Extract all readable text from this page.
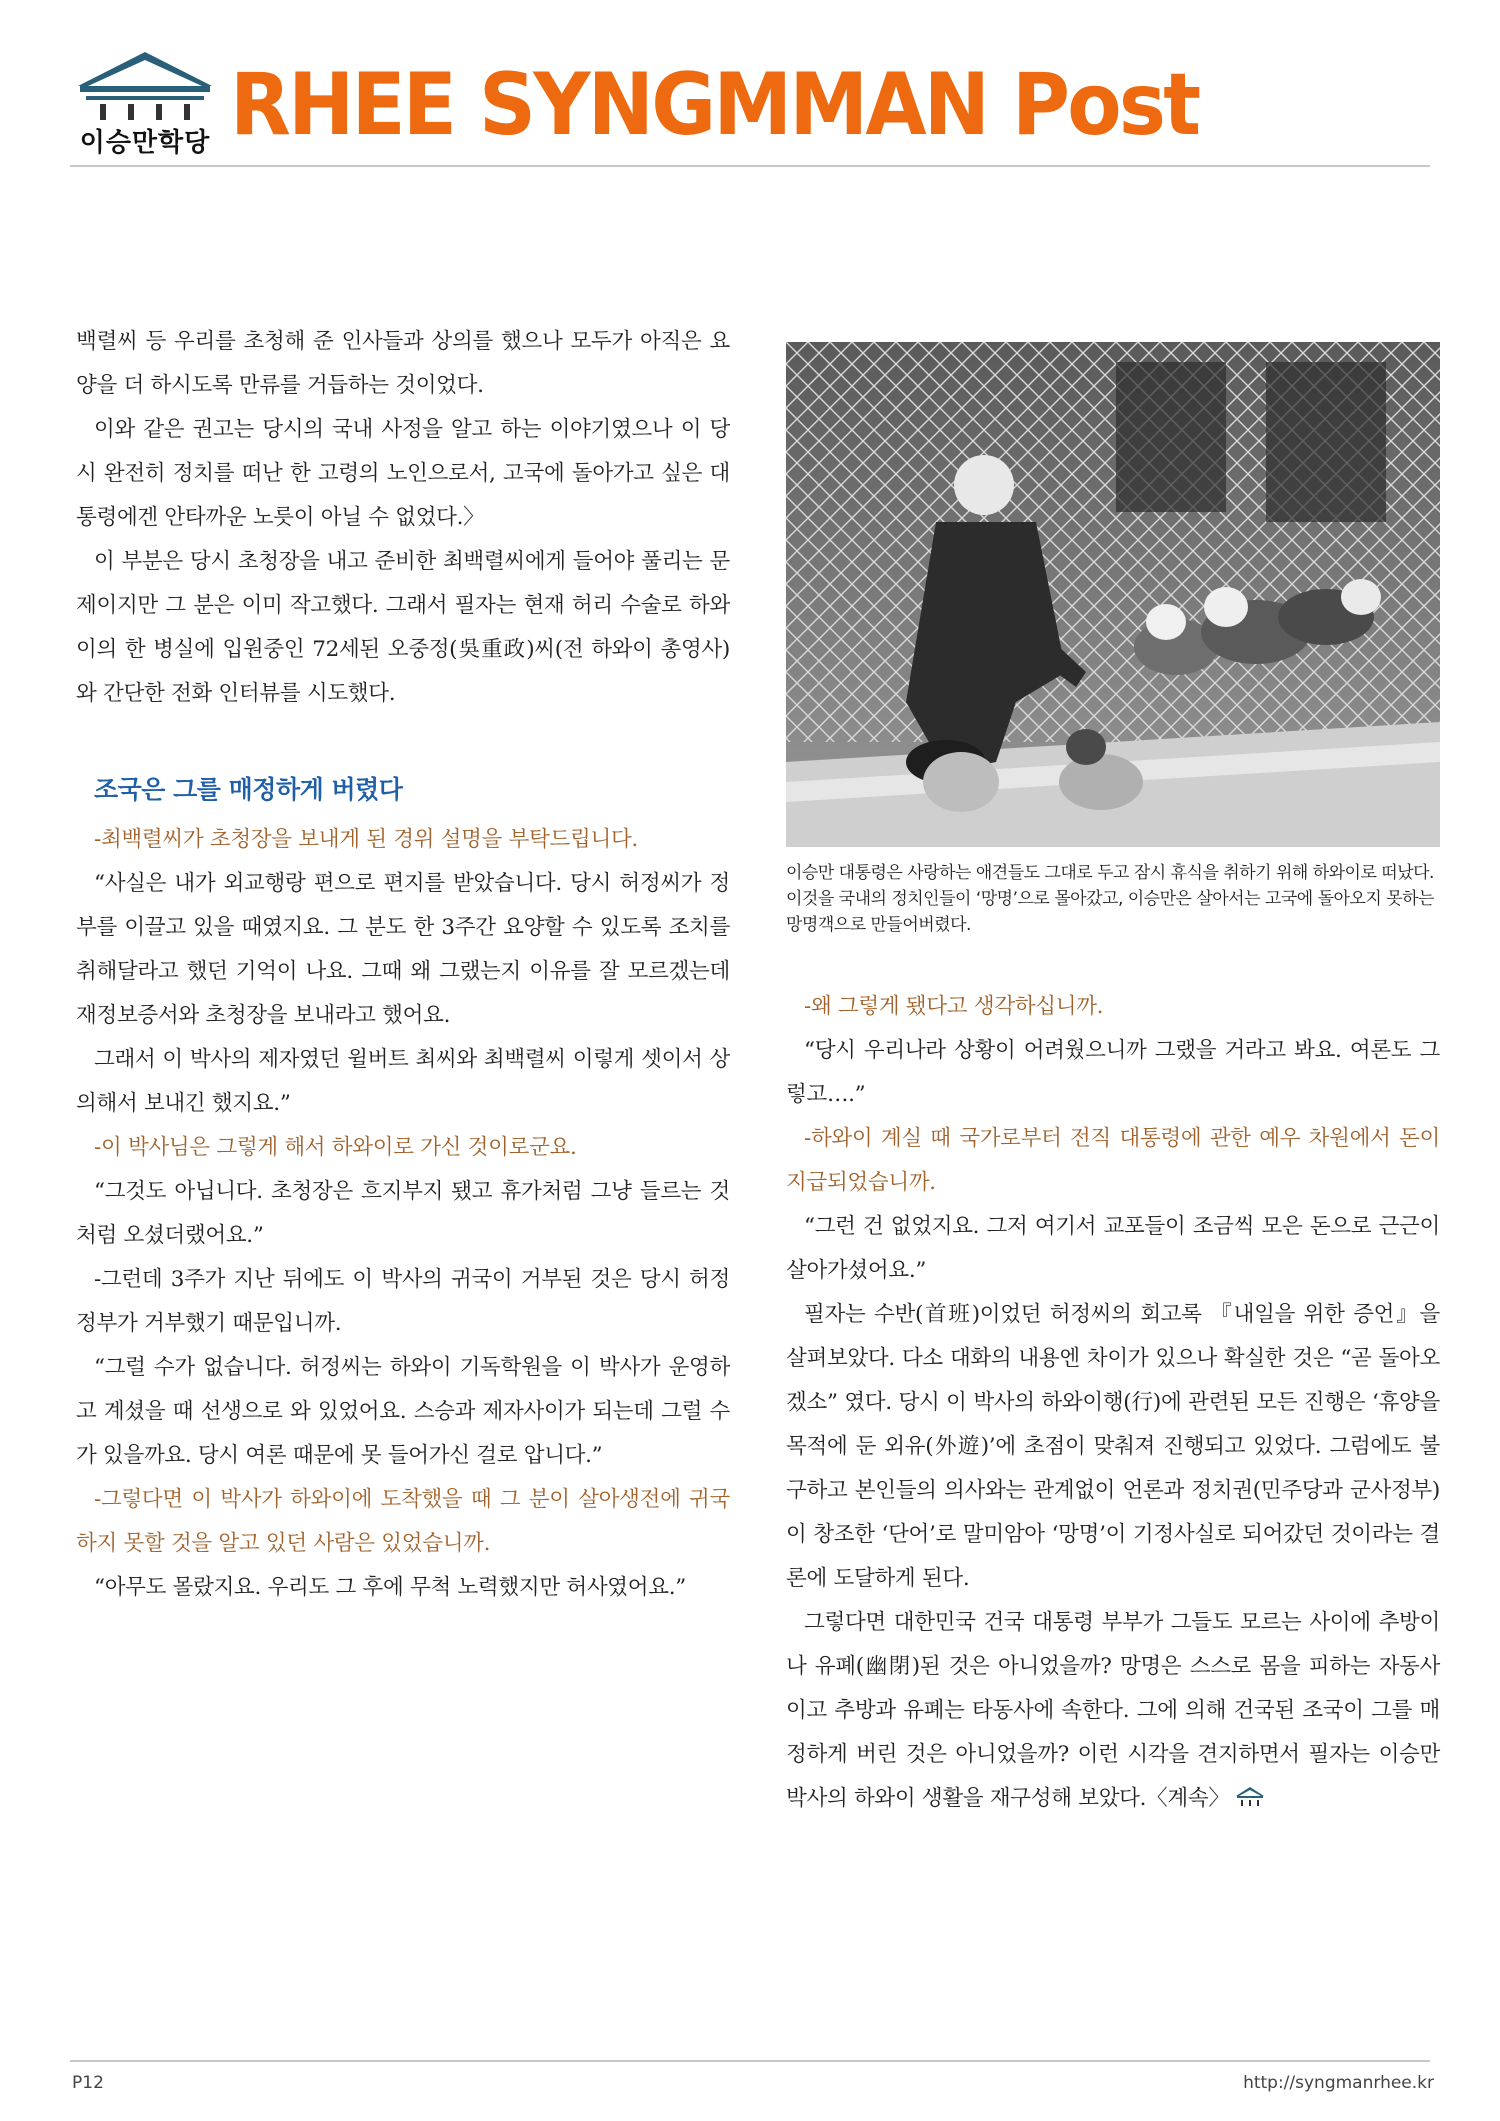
이승만학당 RHEE SYNGMMAN Post

백렬씨 등 우리를 초청해 준 인사들과 상의를 했으나 모두가 아직은 요양을 더 하시도록 만류를 거듭하는 것이었다.

이와 같은 권고는 당시의 국내 사정을 알고 하는 이야기였으나 이 당시 완전히 정치를 떠난 한 고령의 노인으로서, 고국에 돌아가고 싶은 대통령에겐 안타까운 노릇이 아닐 수 없었다.〉

이 부분은 당시 초청장을 내고 준비한 최백렬씨에게 들어야 풀리는 문제이지만 그 분은 이미 작고했다. 그래서 필자는 현재 허리 수술로 하와이의 한 병실에 입원중인 72세된 오중정(吳重政)씨(전 하와이 총영사)와 간단한 전화 인터뷰를 시도했다.

조국은 그를 매정하게 버렸다

-최백렬씨가 초청장을 보내게 된 경위 설명을 부탁드립니다.

“사실은 내가 외교행랑 편으로 편지를 받았습니다. 당시 허정씨가 정부를 이끌고 있을 때였지요. 그 분도 한 3주간 요양할 수 있도록 조치를 취해달라고 했던 기억이 나요. 그때 왜 그랬는지 이유를 잘 모르겠는데 재정보증서와 초청장을 보내라고 했어요.

그래서 이 박사의 제자였던 윌버트 최씨와 최백렬씨 이렇게 셋이서 상의해서 보내긴 했지요.”

-이 박사님은 그렇게 해서 하와이로 가신 것이로군요.

“그것도 아닙니다. 초청장은 흐지부지 됐고 휴가처럼 그냥 들르는 것처럼 오셨더랬어요.”

-그런데 3주가 지난 뒤에도 이 박사의 귀국이 거부된 것은 당시 허정 정부가 거부했기 때문입니까.

“그럴 수가 없습니다. 허정씨는 하와이 기독학원을 이 박사가 운영하고 계셨을 때 선생으로 와 있었어요. 스승과 제자사이가 되는데 그럴 수가 있을까요. 당시 여론 때문에 못 들어가신 걸로 압니다.”

-그렇다면 이 박사가 하와이에 도착했을 때 그 분이 살아생전에 귀국하지 못할 것을 알고 있던 사람은 있었습니까.

“아무도 몰랐지요. 우리도 그 후에 무척 노력했지만 허사였어요.”

이승만 대통령은 사랑하는 애견들도 그대로 두고 잠시 휴식을 취하기 위해 하와이로 떠났다. 이것을 국내의 정치인들이 ‘망명’으로 몰아갔고, 이승만은 살아서는 고국에 돌아오지 못하는 망명객으로 만들어버렸다.

-왜 그렇게 됐다고 생각하십니까.

“당시 우리나라 상황이 어려웠으니까 그랬을 거라고 봐요. 여론도 그렇고….”

-하와이 계실 때 국가로부터 전직 대통령에 관한 예우 차원에서 돈이 지급되었습니까.

“그런 건 없었지요. 그저 여기서 교포들이 조금씩 모은 돈으로 근근이 살아가셨어요.”

필자는 수반(首班)이었던 허정씨의 회고록 『내일을 위한 증언』을 살펴보았다. 다소 대화의 내용엔 차이가 있으나 확실한 것은 “곧 돌아오겠소” 였다. 당시 이 박사의 하와이행(行)에 관련된 모든 진행은 ‘휴양을 목적에 둔 외유(外遊)’에 초점이 맞춰져 진행되고 있었다. 그럼에도 불구하고 본인들의 의사와는 관계없이 언론과 정치권(민주당과 군사정부)이 창조한 ‘단어’로 말미암아 ‘망명’이 기정사실로 되어갔던 것이라는 결론에 도달하게 된다.

그렇다면 대한민국 건국 대통령 부부가 그들도 모르는 사이에 추방이나 유폐(幽閉)된 것은 아니었을까? 망명은 스스로 몸을 피하는 자동사이고 추방과 유폐는 타동사에 속한다. 그에 의해 건국된 조국이 그를 매정하게 버린 것은 아니었을까? 이런 시각을 견지하면서 필자는 이승만 박사의 하와이 생활을 재구성해 보았다.〈계속〉

P12	http://syngmanrhee.kr
